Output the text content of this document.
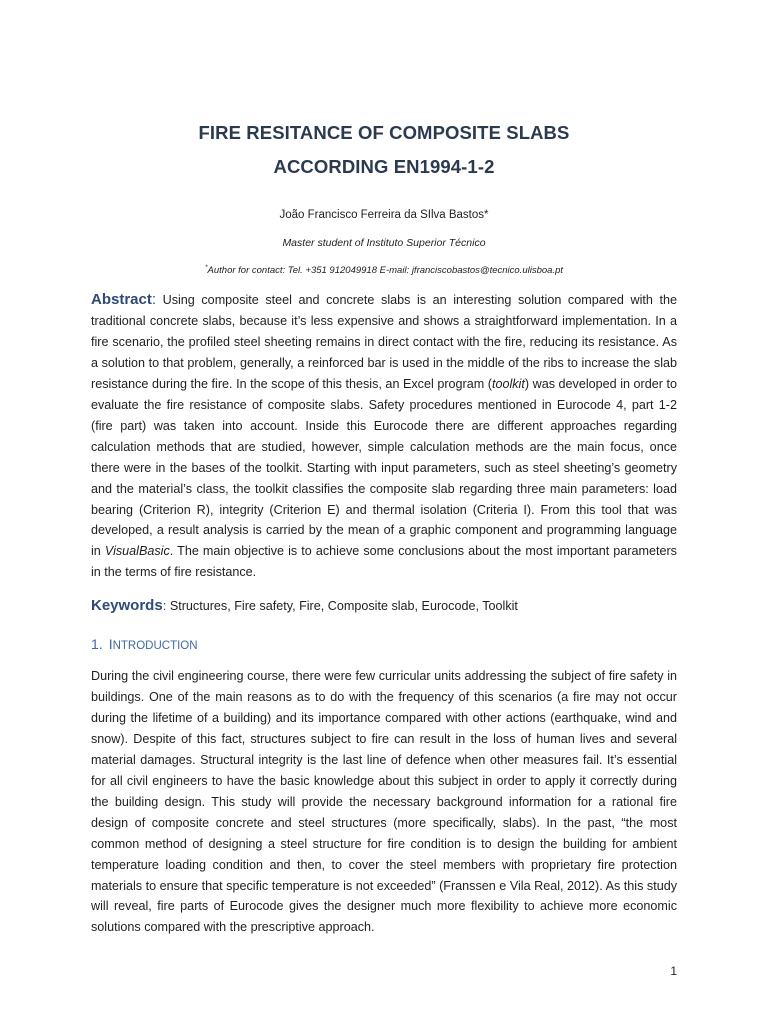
FIRE RESITANCE OF COMPOSITE SLABS
ACCORDING EN1994-1-2
João Francisco Ferreira da SIlva Bastos*
Master student of Instituto Superior Técnico
*Author for contact: Tel. +351 912049918 E-mail: jfranciscobastos@tecnico.ulisboa.pt
Abstract: Using composite steel and concrete slabs is an interesting solution compared with the traditional concrete slabs, because it’s less expensive and shows a straightforward implementation. In a fire scenario, the profiled steel sheeting remains in direct contact with the fire, reducing its resistance. As a solution to that problem, generally, a reinforced bar is used in the middle of the ribs to increase the slab resistance during the fire. In the scope of this thesis, an Excel program (toolkit) was developed in order to evaluate the fire resistance of composite slabs. Safety procedures mentioned in Eurocode 4, part 1-2 (fire part) was taken into account. Inside this Eurocode there are different approaches regarding calculation methods that are studied, however, simple calculation methods are the main focus, once there were in the bases of the toolkit. Starting with input parameters, such as steel sheeting’s geometry and the material’s class, the toolkit classifies the composite slab regarding three main parameters: load bearing (Criterion R), integrity (Criterion E) and thermal isolation (Criteria I). From this tool that was developed, a result analysis is carried by the mean of a graphic component and programming language in VisualBasic. The main objective is to achieve some conclusions about the most important parameters in the terms of fire resistance.
Keywords: Structures, Fire safety, Fire, Composite slab, Eurocode, Toolkit
1. INTRODUCTION
During the civil engineering course, there were few curricular units addressing the subject of fire safety in buildings. One of the main reasons as to do with the frequency of this scenarios (a fire may not occur during the lifetime of a building) and its importance compared with other actions (earthquake, wind and snow). Despite of this fact, structures subject to fire can result in the loss of human lives and several material damages. Structural integrity is the last line of defence when other measures fail. It’s essential for all civil engineers to have the basic knowledge about this subject in order to apply it correctly during the building design. This study will provide the necessary background information for a rational fire design of composite concrete and steel structures (more specifically, slabs). In the past, “the most common method of designing a steel structure for fire condition is to design the building for ambient temperature loading condition and then, to cover the steel members with proprietary fire protection materials to ensure that specific temperature is not exceeded” (Franssen e Vila Real, 2012). As this study will reveal, fire parts of Eurocode gives the designer much more flexibility to achieve more economic solutions compared with the prescriptive approach.
1
